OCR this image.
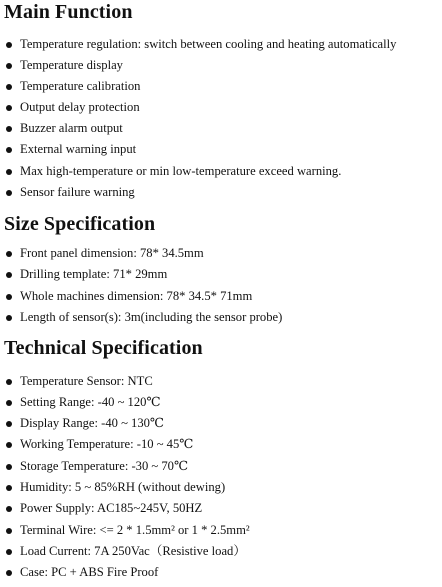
Main Function
Temperature regulation: switch between cooling and heating automatically
Temperature display
Temperature calibration
Output delay protection
Buzzer alarm output
External warning input
Max high-temperature or min low-temperature exceed warning.
Sensor failure warning
Size Specification
Front panel dimension: 78* 34.5mm
Drilling template: 71* 29mm
Whole machines dimension: 78* 34.5* 71mm
Length of sensor(s): 3m(including the sensor probe)
Technical Specification
Temperature Sensor: NTC
Setting Range: -40 ~ 120℃
Display Range: -40 ~ 130℃
Working Temperature: -10 ~ 45℃
Storage Temperature: -30 ~ 70℃
Humidity: 5 ~ 85%RH (without dewing)
Power Supply: AC185~245V, 50HZ
Terminal Wire: <= 2 * 1.5mm² or 1 * 2.5mm²
Load Current: 7A 250Vac（Resistive load）
Case: PC + ABS Fire Proof
